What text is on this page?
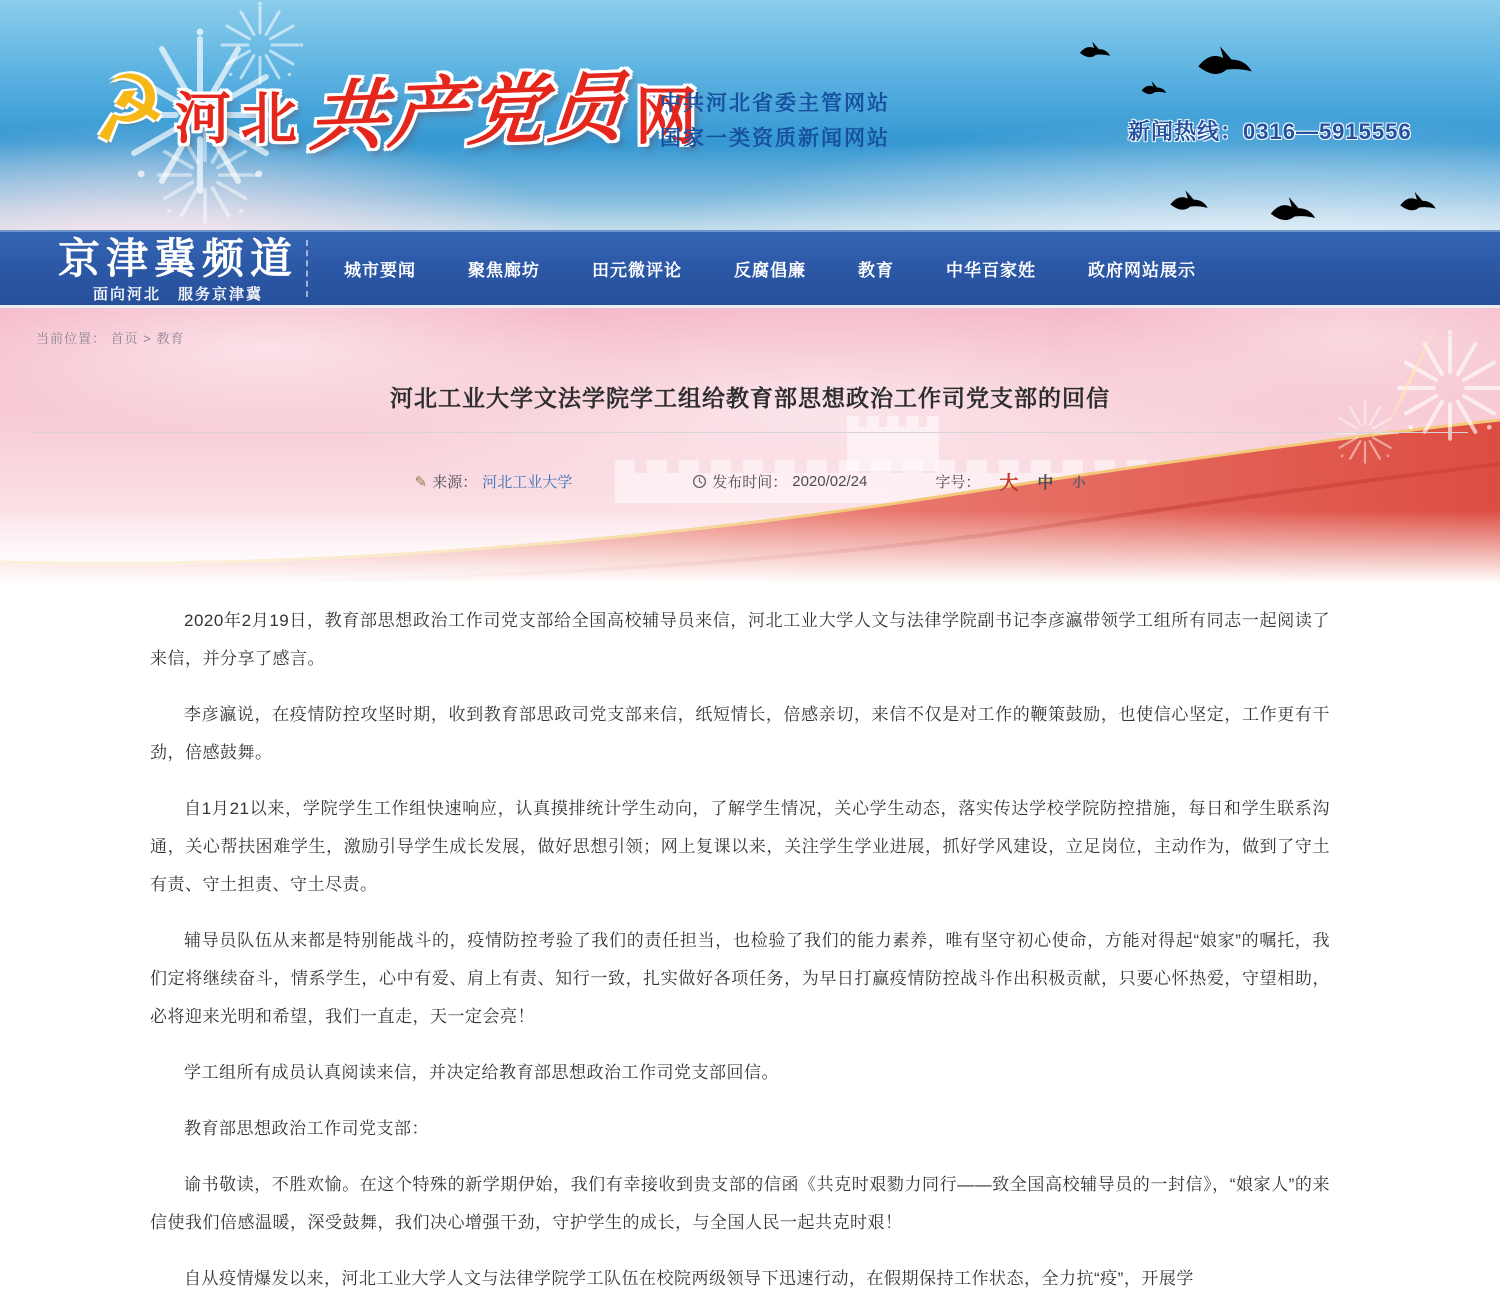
☭ 河北 共产党员 网
中共河北省委主管网站
国家一类资质新闻网站	新闻热线：0316—5915556
京津冀频道
面向河北　服务京津冀
城市要闻	聚焦廊坊	田元微评论	反腐倡廉	教育	中华百家姓	政府网站展示
当前位置： 首页 > 教育
河北工业大学文法学院学工组给教育部思想政治工作司党支部的回信
✎ 来源： 河北工业大学	发布时间： 2020/02/24	字号： 大 中 小

2020年2月19日，教育部思想政治工作司党支部给全国高校辅导员来信，河北工业大学人文与法律学院副书记李彦瀛带领学工组所有同志一起阅读了来信，并分享了感言。

李彦瀛说，在疫情防控攻坚时期，收到教育部思政司党支部来信，纸短情长，倍感亲切，来信不仅是对工作的鞭策鼓励，也使信心坚定，工作更有干劲，倍感鼓舞。

自1月21以来，学院学生工作组快速响应，认真摸排统计学生动向，了解学生情况，关心学生动态，落实传达学校学院防控措施，每日和学生联系沟通，关心帮扶困难学生，激励引导学生成长发展，做好思想引领；网上复课以来，关注学生学业进展，抓好学风建设，立足岗位，主动作为，做到了守土有责、守土担责、守土尽责。

辅导员队伍从来都是特别能战斗的，疫情防控考验了我们的责任担当，也检验了我们的能力素养，唯有坚守初心使命，方能对得起“娘家”的嘱托，我们定将继续奋斗，情系学生，心中有爱、肩上有责、知行一致，扎实做好各项任务，为早日打赢疫情防控战斗作出积极贡献，只要心怀热爱，守望相助，必将迎来光明和希望，我们一直走，天一定会亮！

学工组所有成员认真阅读来信，并决定给教育部思想政治工作司党支部回信。

教育部思想政治工作司党支部：

谕书敬读，不胜欢愉。在这个特殊的新学期伊始，我们有幸接收到贵支部的信函《共克时艰勠力同行——致全国高校辅导员的一封信》，“娘家人”的来信使我们倍感温暖，深受鼓舞，我们决心增强干劲，守护学生的成长，与全国人民一起共克时艰！

自从疫情爆发以来，河北工业大学人文与法律学院学工队伍在校院两级领导下迅速行动，在假期保持工作状态，全力抗“疫”，开展学
